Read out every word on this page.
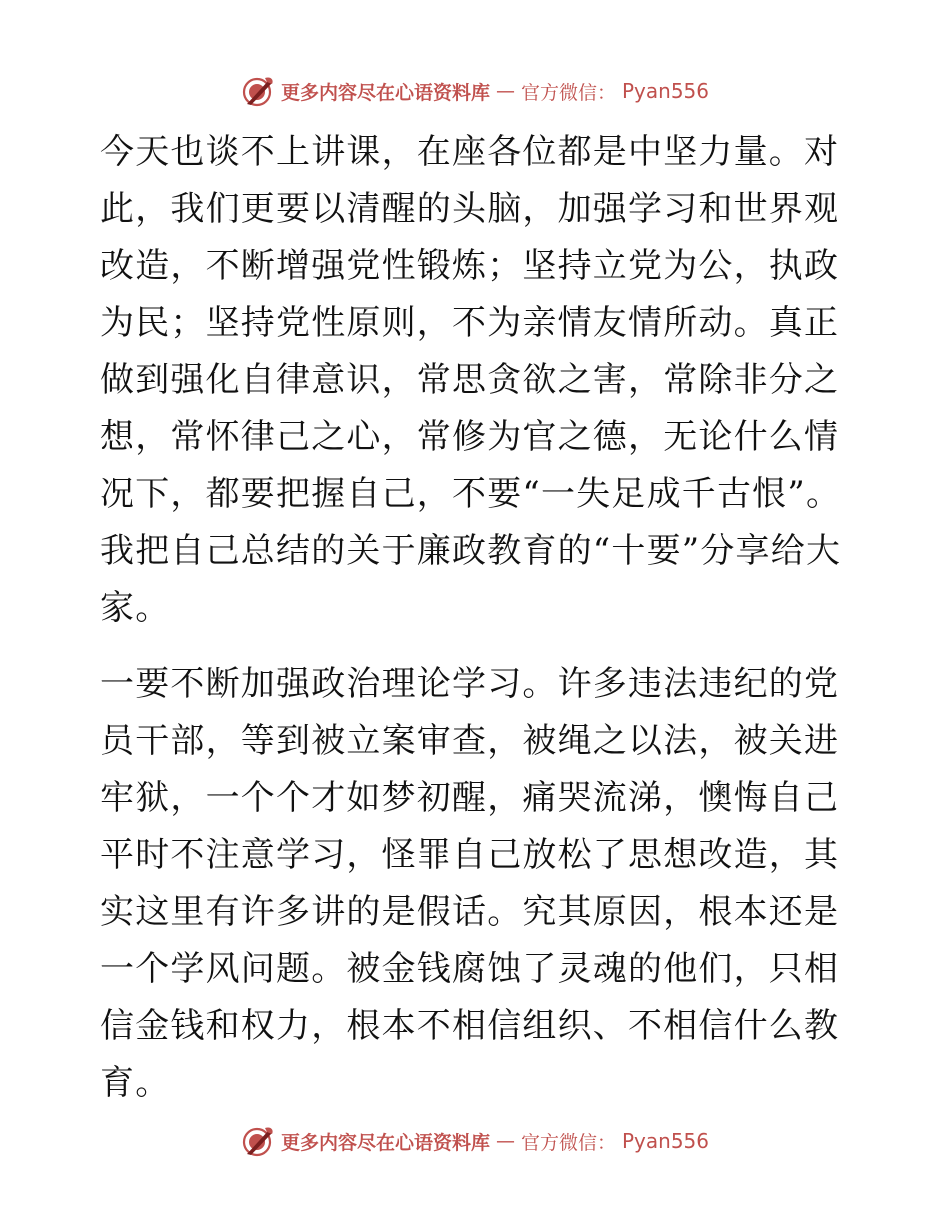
更多内容尽在心语资料库 — 官方微信： Pyan556

今天也谈不上讲课，在座各位都是中坚力量。对此，我们更要以清醒的头脑，加强学习和世界观改造，不断增强党性锻炼；坚持立党为公，执政为民；坚持党性原则，不为亲情友情所动。真正做到强化自律意识，常思贪欲之害，常除非分之想，常怀律己之心，常修为官之德，无论什么情况下，都要把握自己，不要“一失足成千古恨”。我把自己总结的关于廉政教育的“十要”分享给大家。

一要不断加强政治理论学习。许多违法违纪的党员干部，等到被立案审查，被绳之以法，被关进牢狱，一个个才如梦初醒，痛哭流涕，懊悔自己平时不注意学习，怪罪自己放松了思想改造，其实这里有许多讲的是假话。究其原因，根本还是一个学风问题。被金钱腐蚀了灵魂的他们，只相信金钱和权力，根本不相信组织、不相信什么教育。

更多内容尽在心语资料库 — 官方微信： Pyan556
